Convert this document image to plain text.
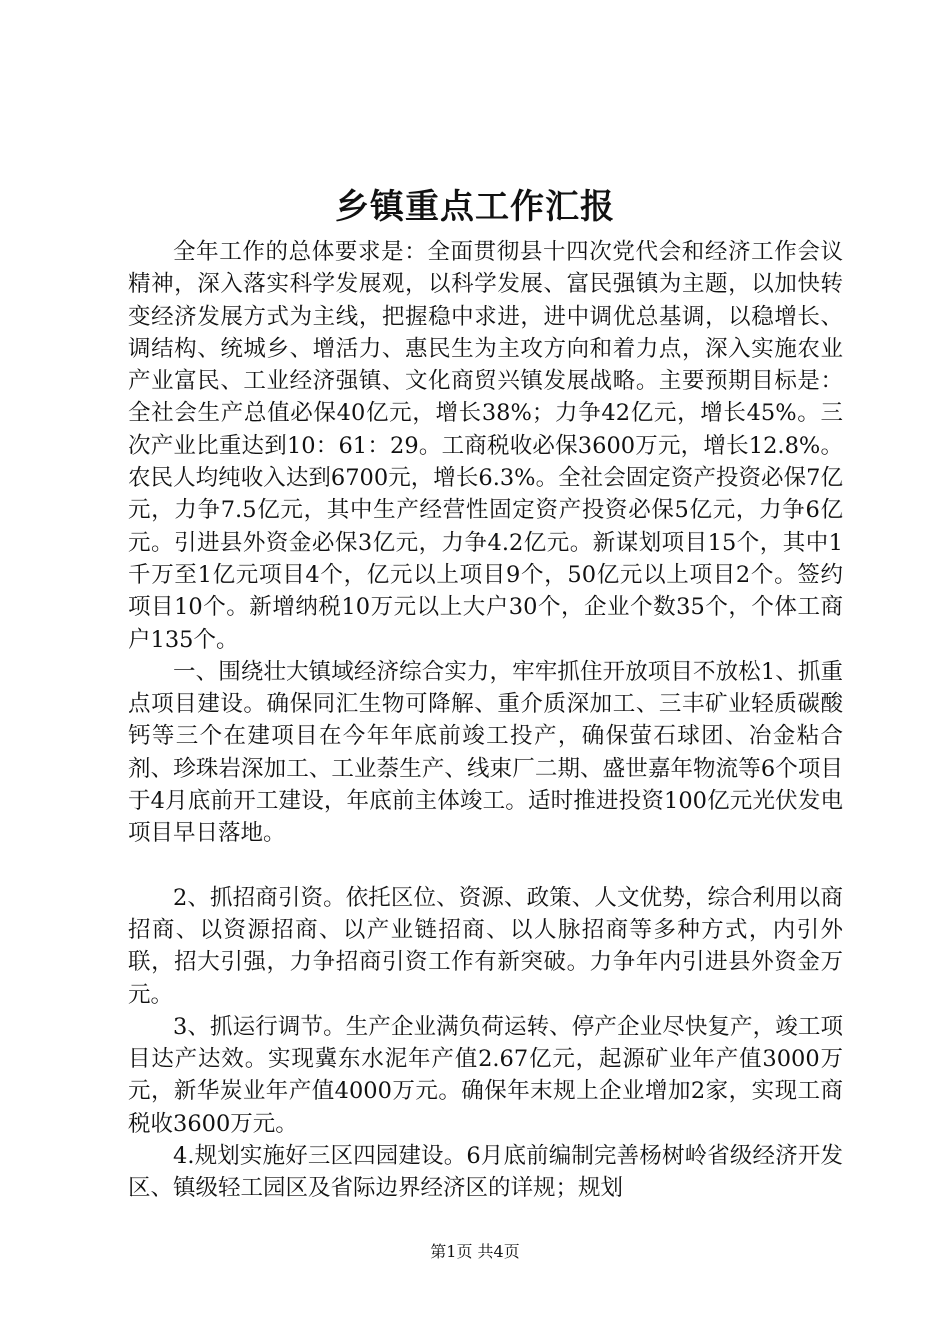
乡镇重点工作汇报

全年工作的总体要求是：全面贯彻县十四次党代会和经济工作会议精神，深入落实科学发展观，以科学发展、富民强镇为主题，以加快转变经济发展方式为主线，把握稳中求进，进中调优总基调，以稳增长、调结构、统城乡、增活力、惠民生为主攻方向和着力点，深入实施农业产业富民、工业经济强镇、文化商贸兴镇发展战略。主要预期目标是：全社会生产总值必保40亿元，增长38%；力争42亿元，增长45%。三次产业比重达到10：61：29。工商税收必保3600万元，增长12.8%。农民人均纯收入达到6700元，增长6.3%。全社会固定资产投资必保7亿元，力争7.5亿元，其中生产经营性固定资产投资必保5亿元，力争6亿元。引进县外资金必保3亿元，力争4.2亿元。新谋划项目15个，其中1千万至1亿元项目4个，亿元以上项目9个，50亿元以上项目2个。签约项目10个。新增纳税10万元以上大户30个，企业个数35个，个体工商户135个。

一、围绕壮大镇域经济综合实力，牢牢抓住开放项目不放松1、抓重点项目建设。确保同汇生物可降解、重介质深加工、三丰矿业轻质碳酸钙等三个在建项目在今年年底前竣工投产，确保萤石球团、冶金粘合剂、珍珠岩深加工、工业萘生产、线束厂二期、盛世嘉年物流等6个项目于4月底前开工建设，年底前主体竣工。适时推进投资100亿元光伏发电项目早日落地。

2、抓招商引资。依托区位、资源、政策、人文优势，综合利用以商招商、以资源招商、以产业链招商、以人脉招商等多种方式，内引外联，招大引强，力争招商引资工作有新突破。力争年内引进县外资金万元。

3、抓运行调节。生产企业满负荷运转、停产企业尽快复产，竣工项目达产达效。实现冀东水泥年产值2.67亿元，起源矿业年产值3000万元，新华炭业年产值4000万元。确保年末规上企业增加2家，实现工商税收3600万元。

4.规划实施好三区四园建设。6月底前编制完善杨树岭省级经济开发区、镇级轻工园区及省际边界经济区的详规；规划

第1页 共4页
